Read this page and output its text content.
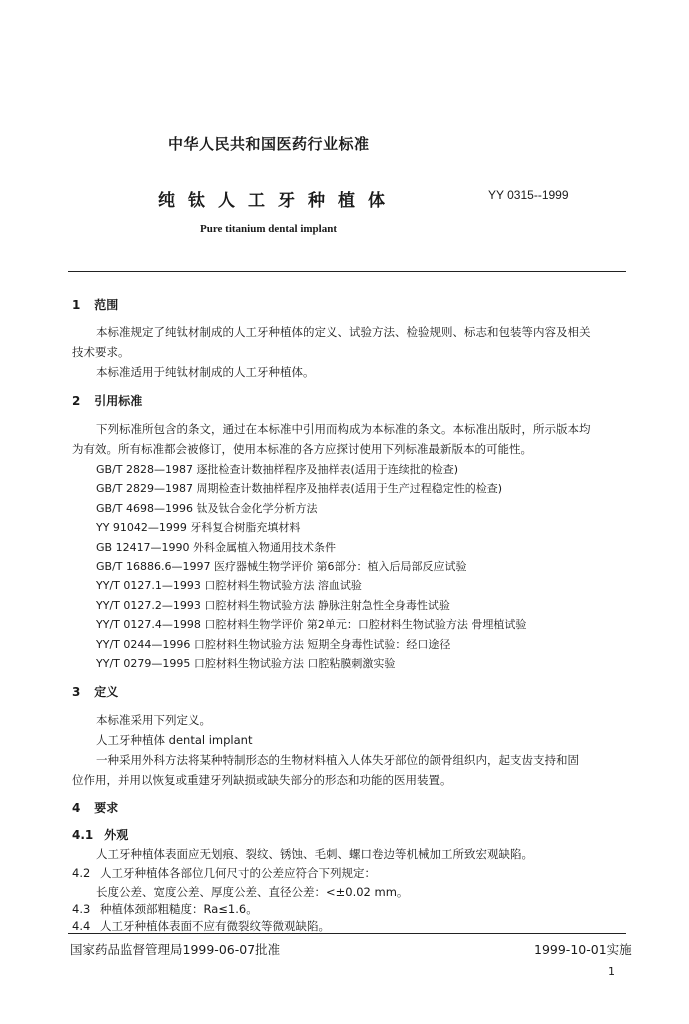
中华人民共和国医药行业标准
纯钛人工牙种植体	YY 0315--1999
Pure titanium dental implant
1 范围
本标准规定了纯钛材制成的人工牙种植体的定义、试验方法、检验规则、标志和包装等内容及相关
技术要求。
本标准适用于纯钛材制成的人工牙种植体。
2 引用标准
下列标准所包含的条文，通过在本标准中引用而构成为本标准的条文。本标准出版时，所示版本均
为有效。所有标准都会被修订，使用本标准的各方应探讨使用下列标准最新版本的可能性。
GB/T 2828—1987 逐批检查计数抽样程序及抽样表(适用于连续批的检查)
GB/T 2829—1987 周期检查计数抽样程序及抽样表(适用于生产过程稳定性的检查)
GB/T 4698—1996 钛及钛合金化学分析方法
YY 91042—1999 牙科复合树脂充填材料
GB 12417—1990 外科金属植入物通用技术条件
GB/T 16886.6—1997 医疗器械生物学评价 第6部分：植入后局部反应试验
YY/T 0127.1—1993 口腔材料生物试验方法 溶血试验
YY/T 0127.2—1993 口腔材料生物试验方法 静脉注射急性全身毒性试验
YY/T 0127.4—1998 口腔材料生物学评价 第2单元：口腔材料生物试验方法 骨埋植试验
YY/T 0244—1996 口腔材料生物试验方法 短期全身毒性试验：经口途径
YY/T 0279—1995 口腔材料生物试验方法 口腔粘膜刺激实验
3 定义
本标准采用下列定义。
人工牙种植体 dental implant
一种采用外科方法将某种特制形态的生物材料植入人体失牙部位的颌骨组织内，起支齿支持和固
位作用，并用以恢复或重建牙列缺损或缺失部分的形态和功能的医用装置。
4 要求
4.1 外观
人工牙种植体表面应无划痕、裂纹、锈蚀、毛刺、螺口卷边等机械加工所致宏观缺陷。
4.2 人工牙种植体各部位几何尺寸的公差应符合下列规定：
长度公差、宽度公差、厚度公差、直径公差：<±0.02 mm。
4.3 种植体颈部粗糙度：Ra≤1.6。
4.4 人工牙种植体表面不应有微裂纹等微观缺陷。
国家药品监督管理局1999-06-07批准	1999-10-01实施
1
